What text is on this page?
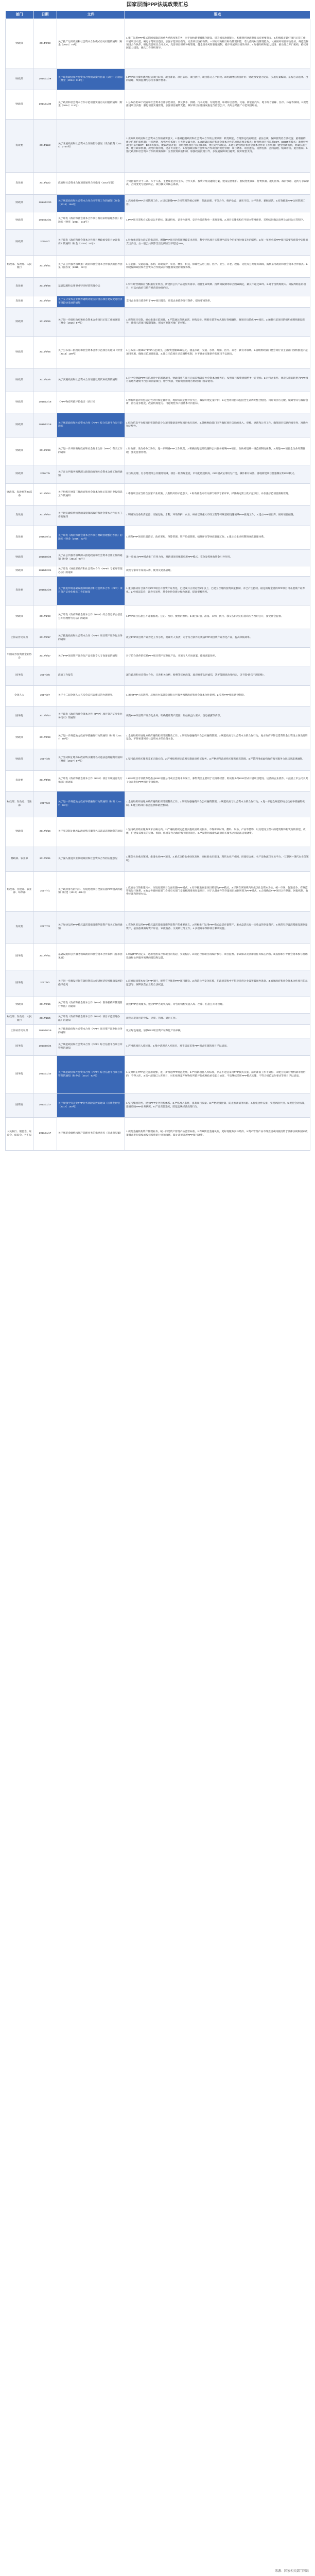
国家层面PPP法规政策汇总
部门	日期	文件	要点
财政部	2014/9/23	关于推广运用政府和社会资本合作模式有关问题的通知（财金〔2014〕76号）	1.推广运用PPP模式是国家确定的重大经济改革任务，对于加快新型城镇化建设、提升国家治理能力、构建现代财政制度具有重要意义。2.积极稳妥做好项目示范工作：开展项目示范，确定示范项目范围，加强示范项目指导，完善项目支持政策。3.切实有效履行财政管理职能：着力提高财政管理能力，认真做好项目评估论证，规范选择项目合作伙伴，细化完善项目合同文本，完善项目财政补贴管理，健全债务风险管理机制，稳步开展项目绩效评价。4.加强组织和能力建设：推动设立专门机构，持续开展能力建设，强化工作组织领导。
财政部	2014/11/29	关于印发政府和社会资本合作模式操作指南（试行）的通知（财金〔2014〕113号）	1.PPP项目操作流程包括项目识别、项目准备、项目采购、项目执行、项目移交五个阶段。2.明确物有所值评价、财政承受能力论证、实施方案编制、采购方式选择、合同管理、绩效监测与移交等操作要求。
财政部	2014/11/30	关于政府和社会资本合作示范项目实施有关问题的通知（财金〔2014〕112号）	1.公布首批30个政府和社会资本合作示范项目，涉及供水、供暖、污水处理、垃圾处理、环境综合治理、交通、新能源汽车、地下综合管廊、医疗、体育等领域。2.规范推进项目实施：强化项目实施管理，加强项目融资支持，做好项目实施情况报送与信息公开，及时总结推广示范项目经验。
发改委	2014/12/2	关于开展政府和社会资本合作的指导意见（发改投资〔2014〕2724号）	1.充分认识政府和社会资本合作的重要意义。2.准确把握政府和社会资本合作的主要原则：转变职能，合理界定政府职责；依法合规，保障投资者合法权益；重诺履约，建立信用约束机制；公开透明，加强社会监督；公共利益最大化。3.合理确定政府和社会资本合作的项目范围及模式：经营性项目可采用BOT、BOOT等模式；准经营性项目可采用BOT、BOO等模式，配以政府补贴；非经营性项目可采用BOO、委托运营等模式。4.建立健全政府和社会资本合作的工作机制：健全协调机制，明确实施主体，建立联审机制，规范价格管理，提升专业能力。5.加强政府和社会资本合作项目的规范管理：项目储备、项目遴选、伙伴选择、合同管理、绩效评价、退出机制。6.强化政府和社会资本合作的政策保障：完善投资回报机制，加强政府投资引导，多渠道保障项目融资，做好配套支持。
发改委	2014/12/2	政府和社会资本合作项目通用合同指南（2014年版）	合同指南共计十二章、八十八条，主要规范合同主体、合作关系、投资计划及融资方案、建设运营维护、股权变更限制、付费机制、履约担保、政府承诺、违约与争议解决、合同变更与提前终止、项目移交等核心条款。
财政部	2014/12/30	关于规范政府和社会资本合作合同管理工作的通知（财金〔2014〕156号）	1.高度重视PPP合同管理工作。2.切实遵循PPP合同管理的核心原则：依法治理、平等合作、维护公益、诚实守信、公平效率、兼顾灵活。3.有效推进PPP合同管理工作。
财政部	2014/12/31	关于印发《政府和社会资本合作项目政府采购管理办法》的通知（财库〔2014〕215号）	1.PPP项目采购方式包括公开招标、邀请招标、竞争性谈判、竞争性磋商和单一来源采购。2.项目实施机构应当建立资格预审、采购结果确认谈判及合同公示等程序。
财政部	2015/4/7	关于印发《政府和社会资本合作项目财政承受能力论证指引》的通知（财金〔2015〕21号）	1.财政承受能力论证是指识别、测算PPP项目的各项财政支出责任，科学评估项目实施对当前及今后年度财政支出的影响。2.每一年度全部PPP项目需要从预算中安排的支出责任，占一般公共预算支出比例应当不超过10%。
财政部、发改委、人民银行	2015/4/21	关于在公共服务领域推广政府和社会资本合作模式的指导意见（国办发〔2015〕42号）	1.在能源、交通运输、水利、环境保护、农业、林业、科技、保障性安居工程、医疗、卫生、养老、教育、文化等公共服务领域，鼓励采用政府和社会资本合作模式。2.构建保障政府和社会资本合作模式持续健康发展的制度体系。
发改委	2015/4/25	基础设施和公用事业特许经营管理办法	1.特许经营期限应当根据行业特点、所提供公共产品或服务需求、项目生命周期、投资回收期等综合因素确定，最长不超过30年。2.对于投资规模大、回报周期长的项目，可以由政府与特许经营者协商约定。
发改委	2015/5/19	关于充分发挥企业债券融资功能支持重点项目建设促进经济平稳较快发展的通知	支持企业发行债券用于PPP项目建设，放宽企业债券发行条件，提高审核效率。
财政部	2015/6/25	关于进一步做好政府和社会资本合作项目示范工作的通知（财金〔2015〕57号）	1.规范项目实施，重点推进示范项目。2.严禁通过保底承诺、回购安排、明股实债等方式进行变相融资，将项目包装成PPP项目。3.加强示范项目的组织保障和跟踪指导，确保示范项目按期落地，形成可复制可推广的经验。
财政部	2015/9/25	关于公布第二批政府和社会资本合作示范项目的通知（财金〔2015〕109号）	1.公布第二批206个PPP示范项目，总投资金额6589亿元，涵盖市政、交通、水利、环保、医疗、养老、教育等领域。2.各级财政部门要会同行业主管部门加快推进示范项目实施，确保示范项目质量。3.建立示范项目动态调整机制，对不具备实施条件的项目予以调出。
财政部	2015/12/8	关于实施政府和社会资本合作项目以奖代补政策的通知	1.对中央财政PPP示范项目中的新建项目，财政部将在项目完成采购确定社会资本合作方后，按照项目投资规模给予一定奖励。2.对符合条件、规范实施的转型为PPP项目的地方融资平台公司存量项目，给予奖励，奖励资金由地方财政部门统筹使用。
财政部	2015/12/18	《PPP物有所值评价指引（试行）》	1.物有所值评价包括定性评价和定量评价，现阶段以定性评价为主，鼓励开展定量评价。2.定性评价指标包括全生命周期整合程度、风险识别与分配、绩效导向与鼓励创新、潜在竞争程度、政府机构能力、可融资性等六项基本评价指标。
财政部	2015/12/18	关于规范政府和社会资本合作（PPP）综合信息平台运行的通知	1.综合信息平台按项目实施阶段分为项目储备清单和项目执行清单。2.各级财政部门应当做好项目信息的录入、审核、更新和公开工作，确保项目信息的真实性、准确性和完整性。
财政部	2016/5/28	关于进一步共同做好政府和社会资本合作（PPP）有关工作的通知	1.财政部、发改委分工协作，进一步明确PPP工作职责。2.积极推进基础设施和公共服务领域PPP项目，加快构建统一规范的制度体系。3.规范PPP项目全生命周期管理，强化监督管理。
财政部	2016/7/5	关于在公共服务领域深入推进政府和社会资本合作工作的通知	在垃圾处理、污水处理等公共服务领域，项目一般有现金流，市场化程度较高，PPP模式运用较为广泛，操作相对成熟，各地新建项目要强制应用PPP模式。
财政部、发改委等20部委	2016/8/10	关于组织开展第三批政府和社会资本合作示范项目申报筛选工作的通知	1.申报项目应当符合国家产业政策、具有较好的示范意义。2.财政部会同有关部门组织专家评审，择优确定第三批示范项目，并加强示范项目跟踪管理。
发改委	2016/8/30	关于切实做好传统基础设施领域政府和社会资本合作有关工作的通知	1.明确发改委负责能源、交通运输、水利、环境保护、农业、林业以及重大市政工程等传统基础设施领域PPP推进工作。2.建立PPP项目库，做好项目储备。
发改委	2016/10/11	关于印发《政府和社会资本合作项目财政管理暂行办法》的通知（财金〔2016〕92号）	1.规范PPP项目识别论证、政府采购、预算管理、资产负债管理、绩效评价等财政管理工作。2.建立全生命周期的财政管理体系。
财政部	2016/10/24	关于在公共服务领域深入推进政府和社会资本合作工作的通知（财金〔2016〕90号）	进一步加大PPP模式推广应用力度，对新建项目强制应用PPP模式，充分发挥财政资金引导作用。
财政部	2016/12/21	关于印发《财政部政府和社会资本合作（PPP）专家库管理办法》的通知	规范专家库专家的入库、使用及退出管理。
发改委	2016/12/26	关于推进传统基础设施领域政府和社会资本合作（PPP）项目资产证券化相关工作的通知	1.重点推动符合条件的PPP项目开展资产证券化，已建成并正常运营2年以上，已建立合理的投资回报机制，并已产生持续、稳定的现金流的PPP项目可开展资产证券化。2.中国证监会、证券交易所、基金业协会建立绿色通道，提高审核效率。
财政部	2017/1/23	关于印发《政府和社会资本合作（PPP）综合信息平台信息公开管理暂行办法》的通知	1.PPP项目信息公开遵循客观、公正、及时、便利的原则。2.项目识别、准备、采购、执行、移交各阶段的信息均应当及时公开，接受社会监督。
上海证券交易所	2017/2/17	关于推进政府和社会资本合作（PPP）项目资产证券化业务的通知	成立PPP项目资产证券化工作小组，明确专人负责，对于符合条件的优质PPP项目资产证券化产品，提高审核效率。
中国证券投资基金业协会	2017/2/17	关于PPP项目资产证券化产品实施专人专岗备案的通知	对于符合条件的优质PPP项目资产证券化产品，实施专人专岗备案，提高备案效率。
国务院	2017/3/5	政府工作报告	深化政府和社会资本合作，完善相关价格、税费等优惠政策，政府要带头讲诚信，决不能随意改变约定，决不能“新官不理旧账”。
全国人大	2017/3/7	关于十二届全国人大五次会议代表建议的办理意见	1.加快PPP立法进程，尽快出台基础设施和公共服务领域政府和社会资本合作条例。2.完善PPP相关法律制度。
国务院	2017/3/10	关于印发《政府和社会资本合作（PPP）项目资产证券化业务指引》的通知	规范PPP项目资产证券化业务，明确基础资产范围、原始权益人要求、信息披露等内容。
财政部	2017/3/28	关于进一步规范地方政府举债融资行为的通知（财预〔2017〕50号）	1.全面组织开展地方政府融资担保清理整改工作。2.切实加强融资平台公司融资管理。3.规范政府与社会资本方的合作行为，地方政府不得以借贷资金出资设立各类投资基金，不得承诺回购社会资本方的投资本金。
财政部	2017/4/6	关于坚决制止地方以政府购买服务名义违法违规融资的通知（财预〔2017〕87号）	1.坚持政府购买服务改革正确方向。2.严格按照规定范围实施政府购买服务。3.严格规范政府购买服务预算管理。4.严禁利用或虚构政府购买服务合同违法违规融资。
发改委	2017/4/26	关于印发《政府和社会资本合作（PPP）项目专项债券发行指引》的通知	1.PPP项目专项债券是指由PPP项目公司或社会资本方发行，募集资金主要用于以特许经营、购买服务等PPP形式开展项目建设、运营的企业债券。2.鼓励上市公司及其子公司发行PPP项目专项债券。
财政部、发改委、司法部	2017/5/3	关于进一步规范地方政府举债融资行为的通知（财预〔2017〕50号）	1.全面组织开展地方政府融资担保清理整改工作。2.切实加强融资平台公司融资管理。3.规范政府与社会资本方的合作行为。4.进一步健全规范的地方政府举债融资机制。5.建立跨部门联合监测和防控机制。
财政部	2017/5/16	关于坚决制止地方以政府购买服务名义违法违规融资的通知	1.坚持政府购买服务改革正确方向。2.严格按照规定范围实施政府购买服务，不得将原材料、燃料、设备、产品等货物，以及建设工程中的建筑物和构筑物的新建、改建、扩建及其相关的装修、拆除、修缮等作为政府购买服务项目。3.严禁利用或虚构政府购买服务合同违法违规融资。
财政部、农业部	2017/5/31	关于深入推进农业领域政府和社会资本合作的实施意见	1.聚焦农业重点领域，推进农业PPP项目。2.重点支持农业绿色发展、高标准农田建设、现代农业产业园、田园综合体、农产品物流与交易平台、“互联网+”现代农业等领域。
财政部、住建部、农业部、环保部	2017/7/1	关于政府参与的污水、垃圾处理项目全面实施PPP模式的通知（财建〔2017〕455号）	1.政府参与的新建污水、垃圾处理项目全面实施PPP模式。2.有序推进存量项目转型为PPP模式。3.尽快在该领域内形成以社会资本为主、统一市场、促进竞争、有效监管的运行体系。4.地方各级财政部门会同有关部门全面梳理排查存量项目，对于具备条件的存量项目加快转型为PPP模式。5.合理确定PPP项目合作期限、回报机制、收费标准和补贴办法。
发改委	2017/7/3	关于加快运用PPP模式盘活基础设施存量资产有关工作的通知	1.充分认识运用PPP模式盘活基础设施存量资产的重要意义。2.积极推广运用PPP模式盘活存量资产，重点盘活具有一定收益的存量资产。3.规范有序盘活基础设施存量资产，依法依规做好资产评估、审批报备、交易转让等工作。4.多措并举保障项目顺利实施。
国务院	2017/7/21	基础设施和公共服务领域政府和社会资本合作条例（征求意见稿）	1.明确PPP的定义、适用范围及合作项目的发起、实施程序。2.规范合作项目的政府参与、项目监督、争议解决及法律责任等核心内容。3.鼓励和引导社会资本参与基础设施和公共服务领域的建设和运营。
国务院	2017/9/1	关于进一步激发民间有效投资活力促进经济持续健康发展的指导意见	1.鼓励民间资本参与PPP项目，规范有序推进PPP项目建设。2.营造公平竞争环境，在政府采购中不得对民营企业设置歧视性条款。3.加强政府和社会资本合作项目的示范引导，保障民营企业的合法权益。
财政部	2017/9/15	关于印发《政府和社会资本合作（PPP）咨询机构库管理暂行办法》的通知	规范PPP咨询服务，建立PPP咨询机构库，对咨询机构实施入库、出库、信息公开等管理。
财政部、发改委、人民银行	2017/10/5	关于印发《政府和社会资本合作（PPP）项目示范管理办法》的通知	规范示范项目的申报、评审、管理、退出工作。
上海证券交易所	2017/10/19	关于推进政府和社会资本合作（PPP）项目资产证券化业务的通知	设立绿色通道，加快PPP项目资产证券化产品审核。
国务院	2017/10/24	关于规范政府和社会资本合作（PPP）综合信息平台项目库管理的通知	1.严格新项目入库标准。2.集中清理已入库项目，对不适宜采用PPP模式实施的项目予以清退。
国务院	2017/11/10	关于规范政府和社会资本合作（PPP）综合信息平台项目库管理的通知（财办金〔2017〕92号）	1.及时纠正PPP泛化滥用现象，进一步推进PPP规范发展。2.严格新项目入库标准，存在不适宜采用PPP模式实施、前期准备工作不到位、未建立按效付费机制等情形的，不得入库。3.集中清理已入库项目，对未按规定开展物有所值评价或财政承受能力论证、不宜继续采用PPP模式实施、不符合规范运作要求等项目予以清退。
国资委	2017/11/17	关于加强中央企业PPP业务风险管控的通知（国资发财管〔2017〕192号）	1.坚持集团管控，建立PPP业务管控体系。2.严格准入条件，提高项目质量。3.严格规模控制，防止推高债务风险。4.优化合作安排，实现风险共担。5.规范会计核算，准确反映PPP业务状况。6.严肃责任追究，防范违规经营投资行为。
人民银行、银监会、证监会、保监会、外汇局	2017/11/17	关于规范金融机构资产管理业务的指导意见（征求意见稿）	1.规范金融机构资产管理业务，统一同类资产管理产品监管标准。2.有效防控金融风险，更好地服务实体经济。3.资产管理产品不得直接或间接投资于法律法规和国家政策禁止进行债权或股权投资的行业和领域，禁止违规开展PPP项目融资。
来源：国家相关部门网站
